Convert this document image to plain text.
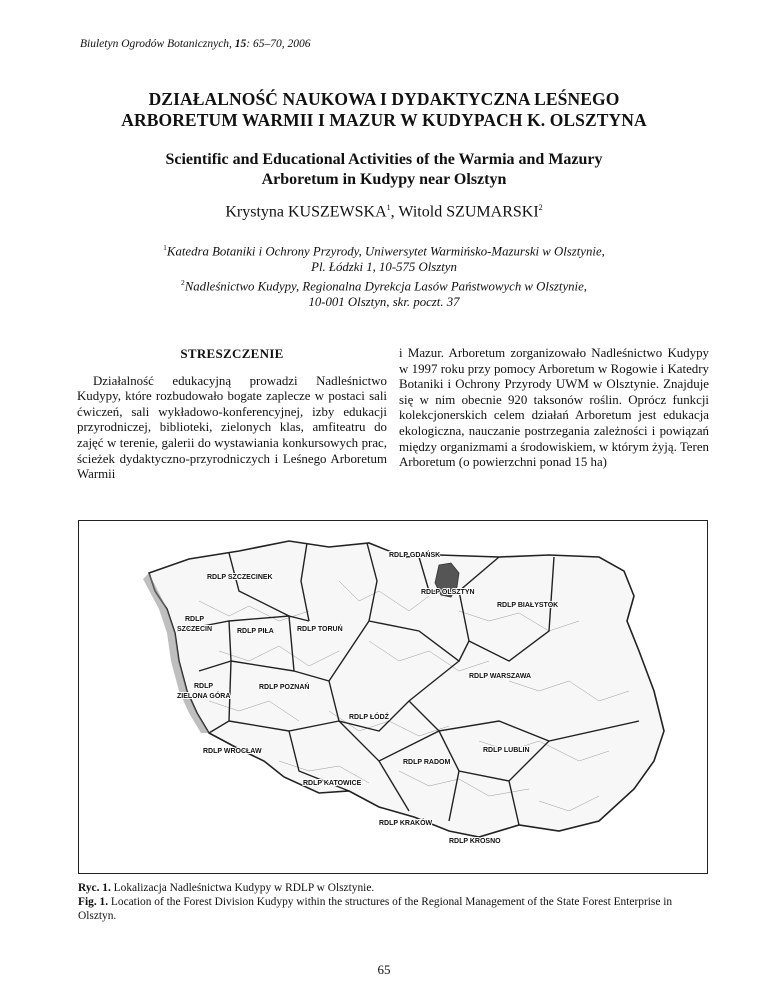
Biuletyn Ogrodów Botanicznych, 15: 65–70, 2006
DZIAŁALNOŚĆ NAUKOWA I DYDAKTYCZNA LEŚNEGO
ARBORETUM WARMII I MAZUR W KUDYPACH K. OLSZTYNA
Scientific and Educational Activities of the Warmia and Mazury
Arboretum in Kudypy near Olsztyn
Krystyna KUSZEWSKA$^1$, Witold SZUMARSKI$^2$
$^1$Katedra Botaniki i Ochrony Przyrody, Uniwersytet Warmińsko-Mazurski w Olsztynie,
Pl. Łódzki 1, 10-575 Olsztyn
$^2$Nadleśnictwo Kudypy, Regionalna Dyrekcja Lasów Państwowych w Olsztynie,
10-001 Olsztyn, skr. poczt. 37
STRESZCZENIE

Działalność edukacyjną prowadzi Nadleśnictwo Kudypy, które rozbudowało bogate zaplecze w postaci sali ćwiczeń, sali wykładowo-konferencyjnej, izby edukacji przyrodniczej, biblioteki, zielonych klas, amfiteatru do zajęć w terenie, galerii do wystawiania konkursowych prac, ścieżek dydaktyczno-przyrodniczych i Leśnego Arboretum Warmii

i Mazur. Arboretum zorganizowało Nadleśnictwo Kudypy w 1997 roku przy pomocy Arboretum w Rogowie i Katedry Botaniki i Ochrony Przyrody UWM w Olsztynie. Znajduje się w nim obecnie 920 taksonów roślin. Oprócz funkcji kolekcjonerskich celem działań Arboretum jest edukacja ekologiczna, nauczanie postrzegania zależności i powiązań między organizmami a środowiskiem, w którym żyją. Teren Arboretum (o powierzchni ponad 15 ha)

RDLP GDAŃSK
RDLP SZCZECINEK
RDLP OLSZTYN
RDLP BIAŁYSTOK
RDLP
SZCZECIN	RDLP PIŁA	RDLP TORUŃ
RDLP WARSZAWA
RDLP
ZIELONA GÓRA
RDLP POZNAŃ
RDLP ŁÓDŹ
RDLP WROCŁAW	RDLP LUBLIN
RDLP RADOM
RDLP KATOWICE
RDLP KRAKÓW
RDLP KROSNO
Ryc. 1. Lokalizacja Nadleśnictwa Kudypy w RDLP w Olsztynie.
Fig. 1. Location of the Forest Division Kudypy within the structures of the Regional Management of the State Forest Enterprise in Olsztyn.
65
